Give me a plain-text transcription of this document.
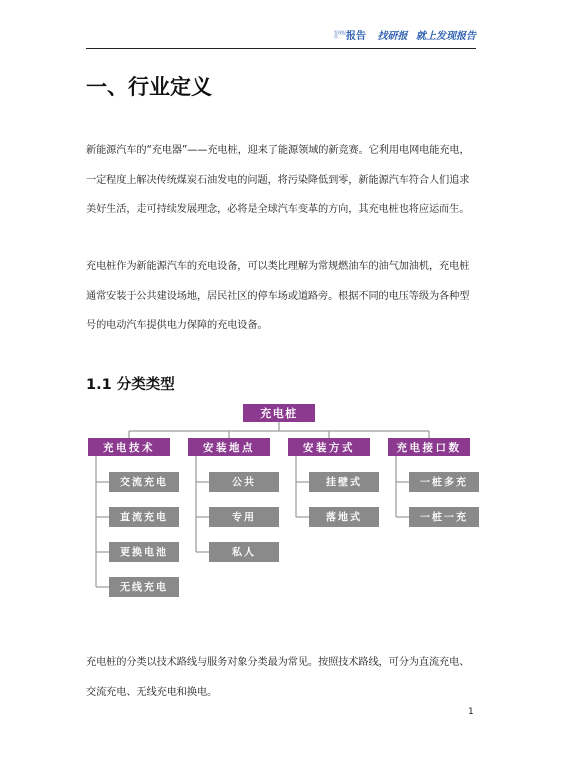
发现报告 报告 找研报 就上发现报告
一、行业定义

新能源汽车的“充电器”——充电桩，迎来了能源领域的新竞赛。它利用电网电能充电，一定程度上解决传统煤炭石油发电的问题，将污染降低到零，新能源汽车符合人们追求美好生活，走可持续发展理念，必将是全球汽车变革的方向，其充电桩也将应运而生。

充电桩作为新能源汽车的充电设备，可以类比理解为常规燃油车的油气加油机，充电桩通常安装于公共建设场地，居民社区的停车场或道路旁。根据不同的电压等级为各种型号的电动汽车提供电力保障的充电设备。

1.1 分类类型
充电桩
充电技术
交流充电
直流充电
更换电池
无线充电
安装地点
公共
专用
私人
安装方式
挂壁式
落地式
充电接口数
一桩多充
一桩一充

充电桩的分类以技术路线与服务对象分类最为常见。按照技术路线，可分为直流充电、交流充电、无线充电和换电。

1
